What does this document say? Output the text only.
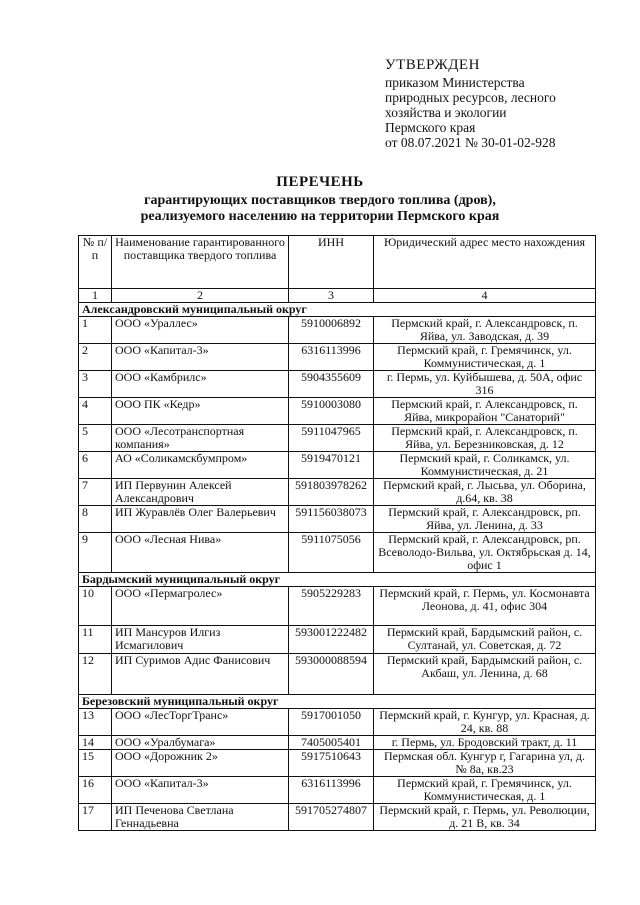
УТВЕРЖДЕН
приказом Министерства
природных ресурсов, лесного
хозяйства и экологии
Пермского края
от 08.07.2021 № 30-01-02-928
ПЕРЕЧЕНЬ
гарантирующих поставщиков твердого топлива (дров),
реализуемого населению на территории Пермского края
№ п/п	Наименование гарантированного поставщика твердого топлива	ИНН	Юридический адрес место нахождения
1	2	3	4
Александровский муниципальный округ			
1	ООО «Ураллес»	5910006892	Пермский край, г. Александровск, п. Яйва, ул. Заводская, д. 39
2	ООО «Капитал-3»	6316113996	Пермский край, г. Гремячинск, ул. Коммунистическая, д. 1
3	ООО «Камбрилс»	5904355609	г. Пермь, ул. Куйбышева, д. 50А, офис 316
4	ООО ПК «Кедр»	5910003080	Пермский край, г. Александровск, п. Яйва, микрорайон "Санаторий"
5	ООО «Лесотранспортная компания»	5911047965	Пермский край, г. Александровск, п. Яйва, ул. Березниковская, д. 12
6	АО «Соликамскбумпром»	5919470121	Пермский край, г. Соликамск, ул. Коммунистическая, д. 21
7	ИП Первунин Алексей Александрович	591803978262	Пермский край, г. Лысьва, ул. Оборина, д.64, кв. 38
8	ИП Журавлёв Олег Валерьевич	591156038073	Пермский край, г. Александровск, рп. Яйва, ул. Ленина, д. 33
9	ООО «Лесная Нива»	5911075056	Пермский край, г. Александровск, рп. Всеволодо-Вильва, ул. Октябрьская д. 14, офис 1
Бардымский муниципальный округ			
10	ООО «Пермагролес»	5905229283	Пермский край, г. Пермь, ул. Космонавта Леонова, д. 41, офис 304
11	ИП Мансуров Илгиз Исмагилович	593001222482	Пермский край, Бардымский район, с. Султанай, ул. Советская, д. 72
12	ИП Суримов Адис Фанисович	593000088594	Пермский край, Бардымский район, с. Акбаш, ул. Ленина, д. 68
Березовский муниципальный округ			
13	ООО «ЛесТоргТранс»	5917001050	Пермский край, г. Кунгур, ул. Красная, д. 24, кв. 88
14	ООО «Уралбумага»	7405005401	г. Пермь, ул. Бродовский тракт, д. 11
15	ООО «Дорожник 2»	5917510643	Пермская обл. Кунгур г, Гагарина ул, д. № 8а, кв.23
16	ООО «Капитал-3»	6316113996	Пермский край, г. Гремячинск, ул. Коммунистическая, д. 1
17	ИП Печенова Светлана Геннадьевна	591705274807	Пермский край, г. Пермь, ул. Революции, д. 21 В, кв. 34
